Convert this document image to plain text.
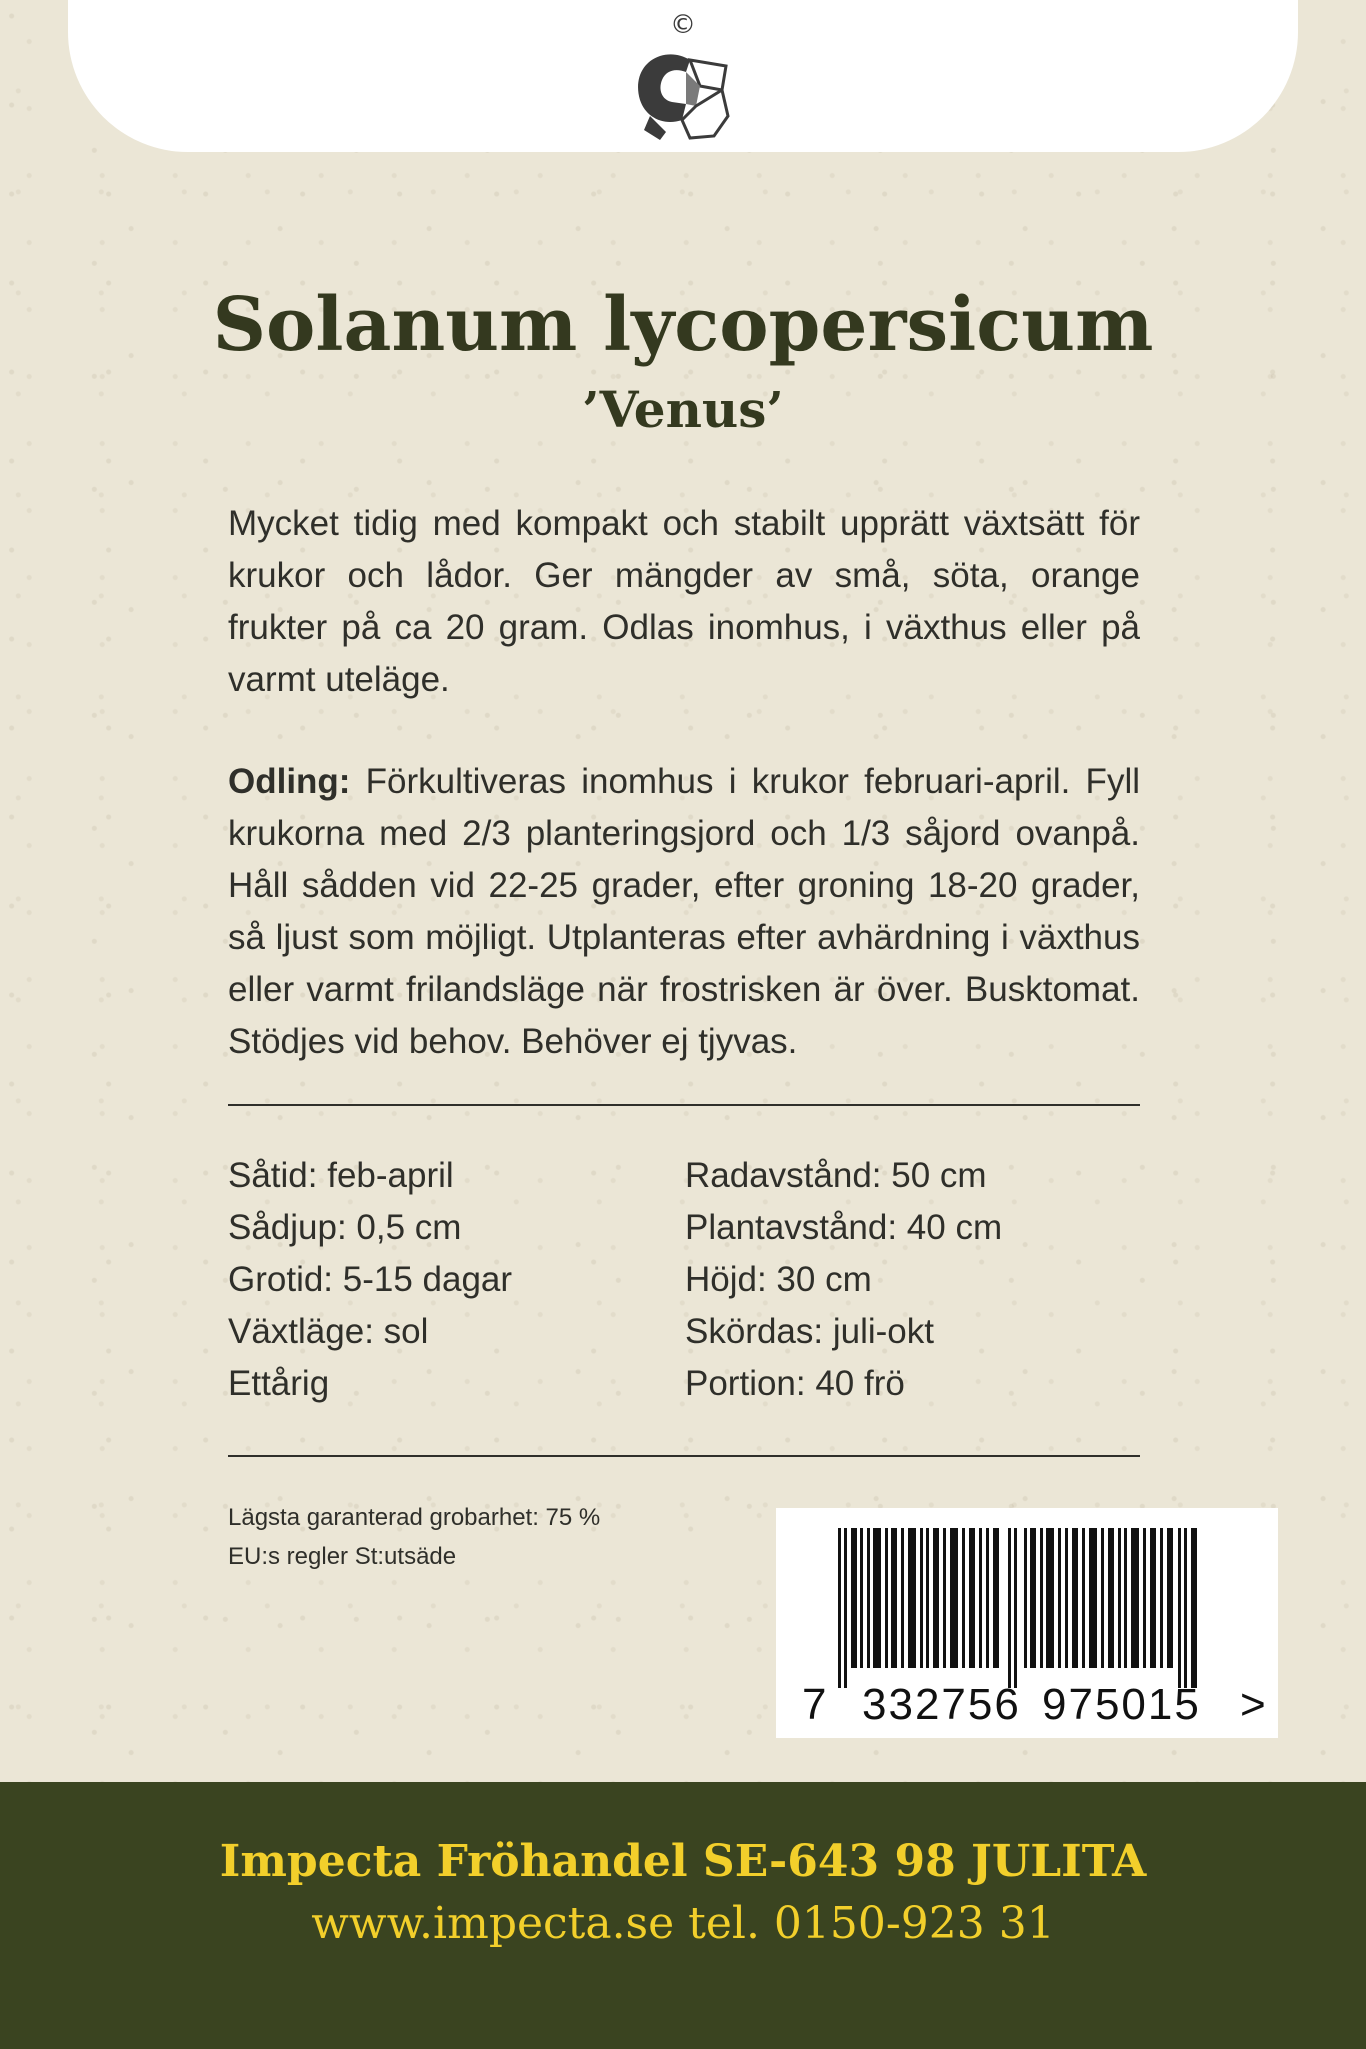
©
Solanum lycopersicum
’Venus’

Mycket tidig med kompakt och stabilt upprätt växtsätt för krukor och lådor. Ger mängder av små, söta, orange frukter på ca 20 gram. Odlas inomhus, i växthus eller på varmt uteläge.

Odling: Förkultiveras inomhus i krukor februari-april. Fyll krukorna med 2/3 planteringsjord och 1/3 såjord ovanpå. Håll sådden vid 22-25 grader, efter groning 18-20 grader, så ljust som möjligt. Utplanteras efter avhärdning i växthus eller varmt frilandsläge när frostrisken är över. Busktomat. Stödjes vid behov. Behöver ej tjyvas.

Såtid: feb-april
Sådjup: 0,5 cm
Grotid: 5-15 dagar
Växtläge: sol
Ettårig
Radavstånd: 50 cm
Plantavstånd: 40 cm
Höjd: 30 cm
Skördas: juli-okt
Portion: 40 frö
Lägsta garanterad grobarhet: 75 %
EU:s regler St:utsäde
7 332756 975015 >
Impecta Fröhandel SE-643 98 JULITA
www.impecta.se tel. 0150-923 31
